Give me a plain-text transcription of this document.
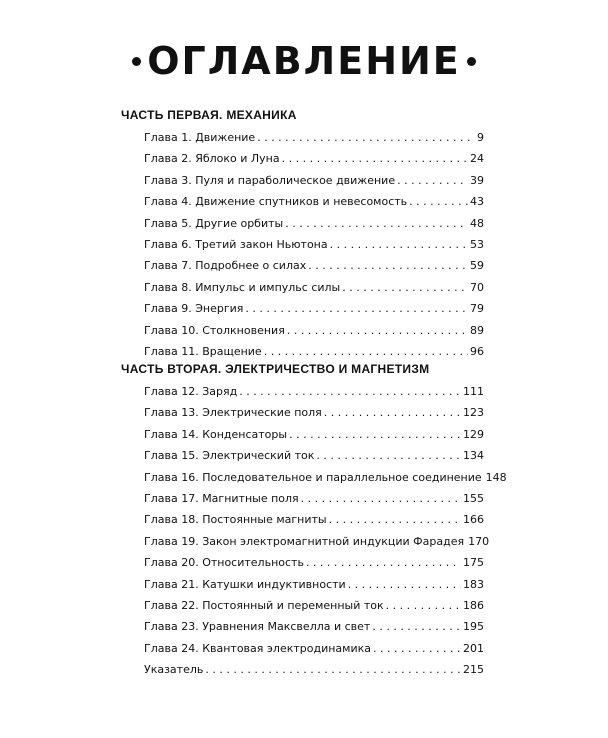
ОГЛАВЛЕНИЕ
ЧАСТЬ ПЕРВАЯ. МЕХАНИКА
Глава 1. Движение . . .	9
Глава 2. Яблоко и Луна . . .	24
Глава 3. Пуля и параболическое движение . . .	39
Глава 4. Движение спутников и невесомость . . .	43
Глава 5. Другие орбиты . . .	48
Глава 6. Третий закон Ньютона . . .	53
Глава 7. Подробнее о силах . . .	59
Глава 8. Импульс и импульс силы . . .	70
Глава 9. Энергия . . .	79
Глава 10. Столкновения . . .	89
Глава 11. Вращение . . .	96
ЧАСТЬ ВТОРАЯ. ЭЛЕКТРИЧЕСТВО И МАГНЕТИЗМ
Глава 12. Заряд . . .	111
Глава 13. Электрические поля . . .	123
Глава 14. Конденсаторы . . .	129
Глава 15. Электрический ток . . .	134
Глава 16. Последовательное и параллельное соединение 148
Глава 17. Магнитные поля . . .	155
Глава 18. Постоянные магниты . . .	166
Глава 19. Закон электромагнитной индукции Фарадея 170
Глава 20. Относительность . . .	175
Глава 21. Катушки индуктивности . . .	183
Глава 22. Постоянный и переменный ток . . .	186
Глава 23. Уравнения Максвелла и свет . . .	195
Глава 24. Квантовая электродинамика . . .	201
Указатель . . .	215
